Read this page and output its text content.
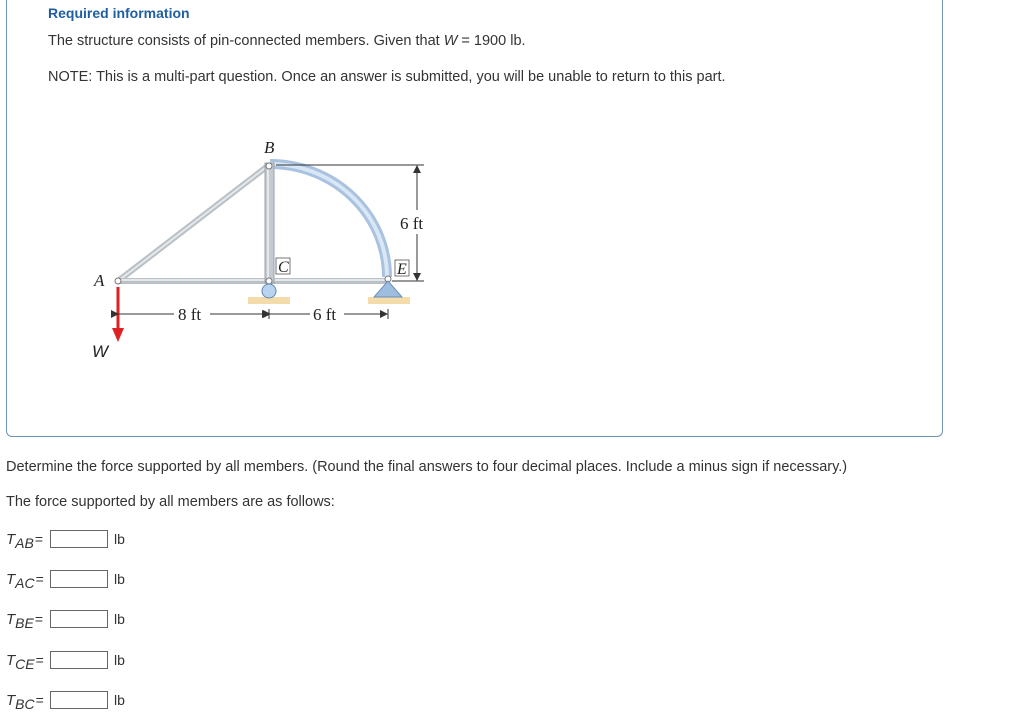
Required information
The structure consists of pin-connected members. Given that W = 1900 lb.
NOTE: This is a multi-part question. Once an answer is submitted, you will be unable to return to this part.
B
A
C	E
W
8 ft	6 ft
6 ft
Determine the force supported by all members. (Round the final answers to four decimal places. Include a minus sign if necessary.)
The force supported by all members are as follows:
T AB =	lb
T AC =	lb
T BE =	lb
T CE =	lb
T BC =	lb
